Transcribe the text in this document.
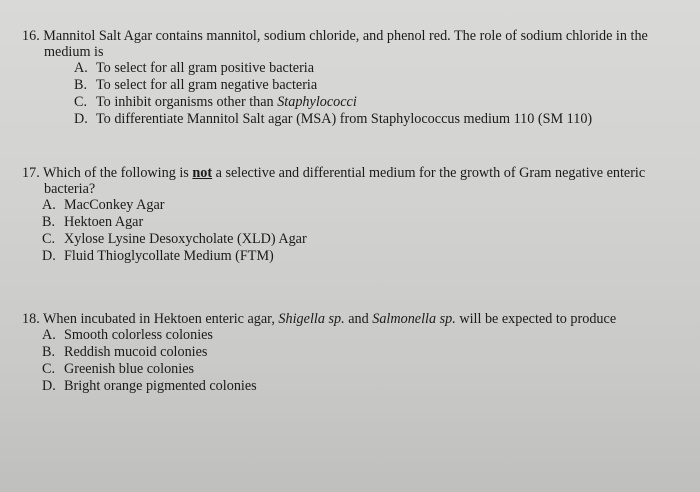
16. Mannitol Salt Agar contains mannitol, sodium chloride, and phenol red. The role of sodium chloride in the
medium is
A. To select for all gram positive bacteria
B. To select for all gram negative bacteria
C. To inhibit organisms other than Staphylococci
D. To differentiate Mannitol Salt agar (MSA) from Staphylococcus medium 110 (SM 110)
17. Which of the following is not a selective and differential medium for the growth of Gram negative enteric
bacteria?
A. MacConkey Agar
B. Hektoen Agar
C. Xylose Lysine Desoxycholate (XLD) Agar
D. Fluid Thioglycollate Medium (FTM)
18. When incubated in Hektoen enteric agar, Shigella sp. and Salmonella sp. will be expected to produce
A. Smooth colorless colonies
B. Reddish mucoid colonies
C. Greenish blue colonies
D. Bright orange pigmented colonies
